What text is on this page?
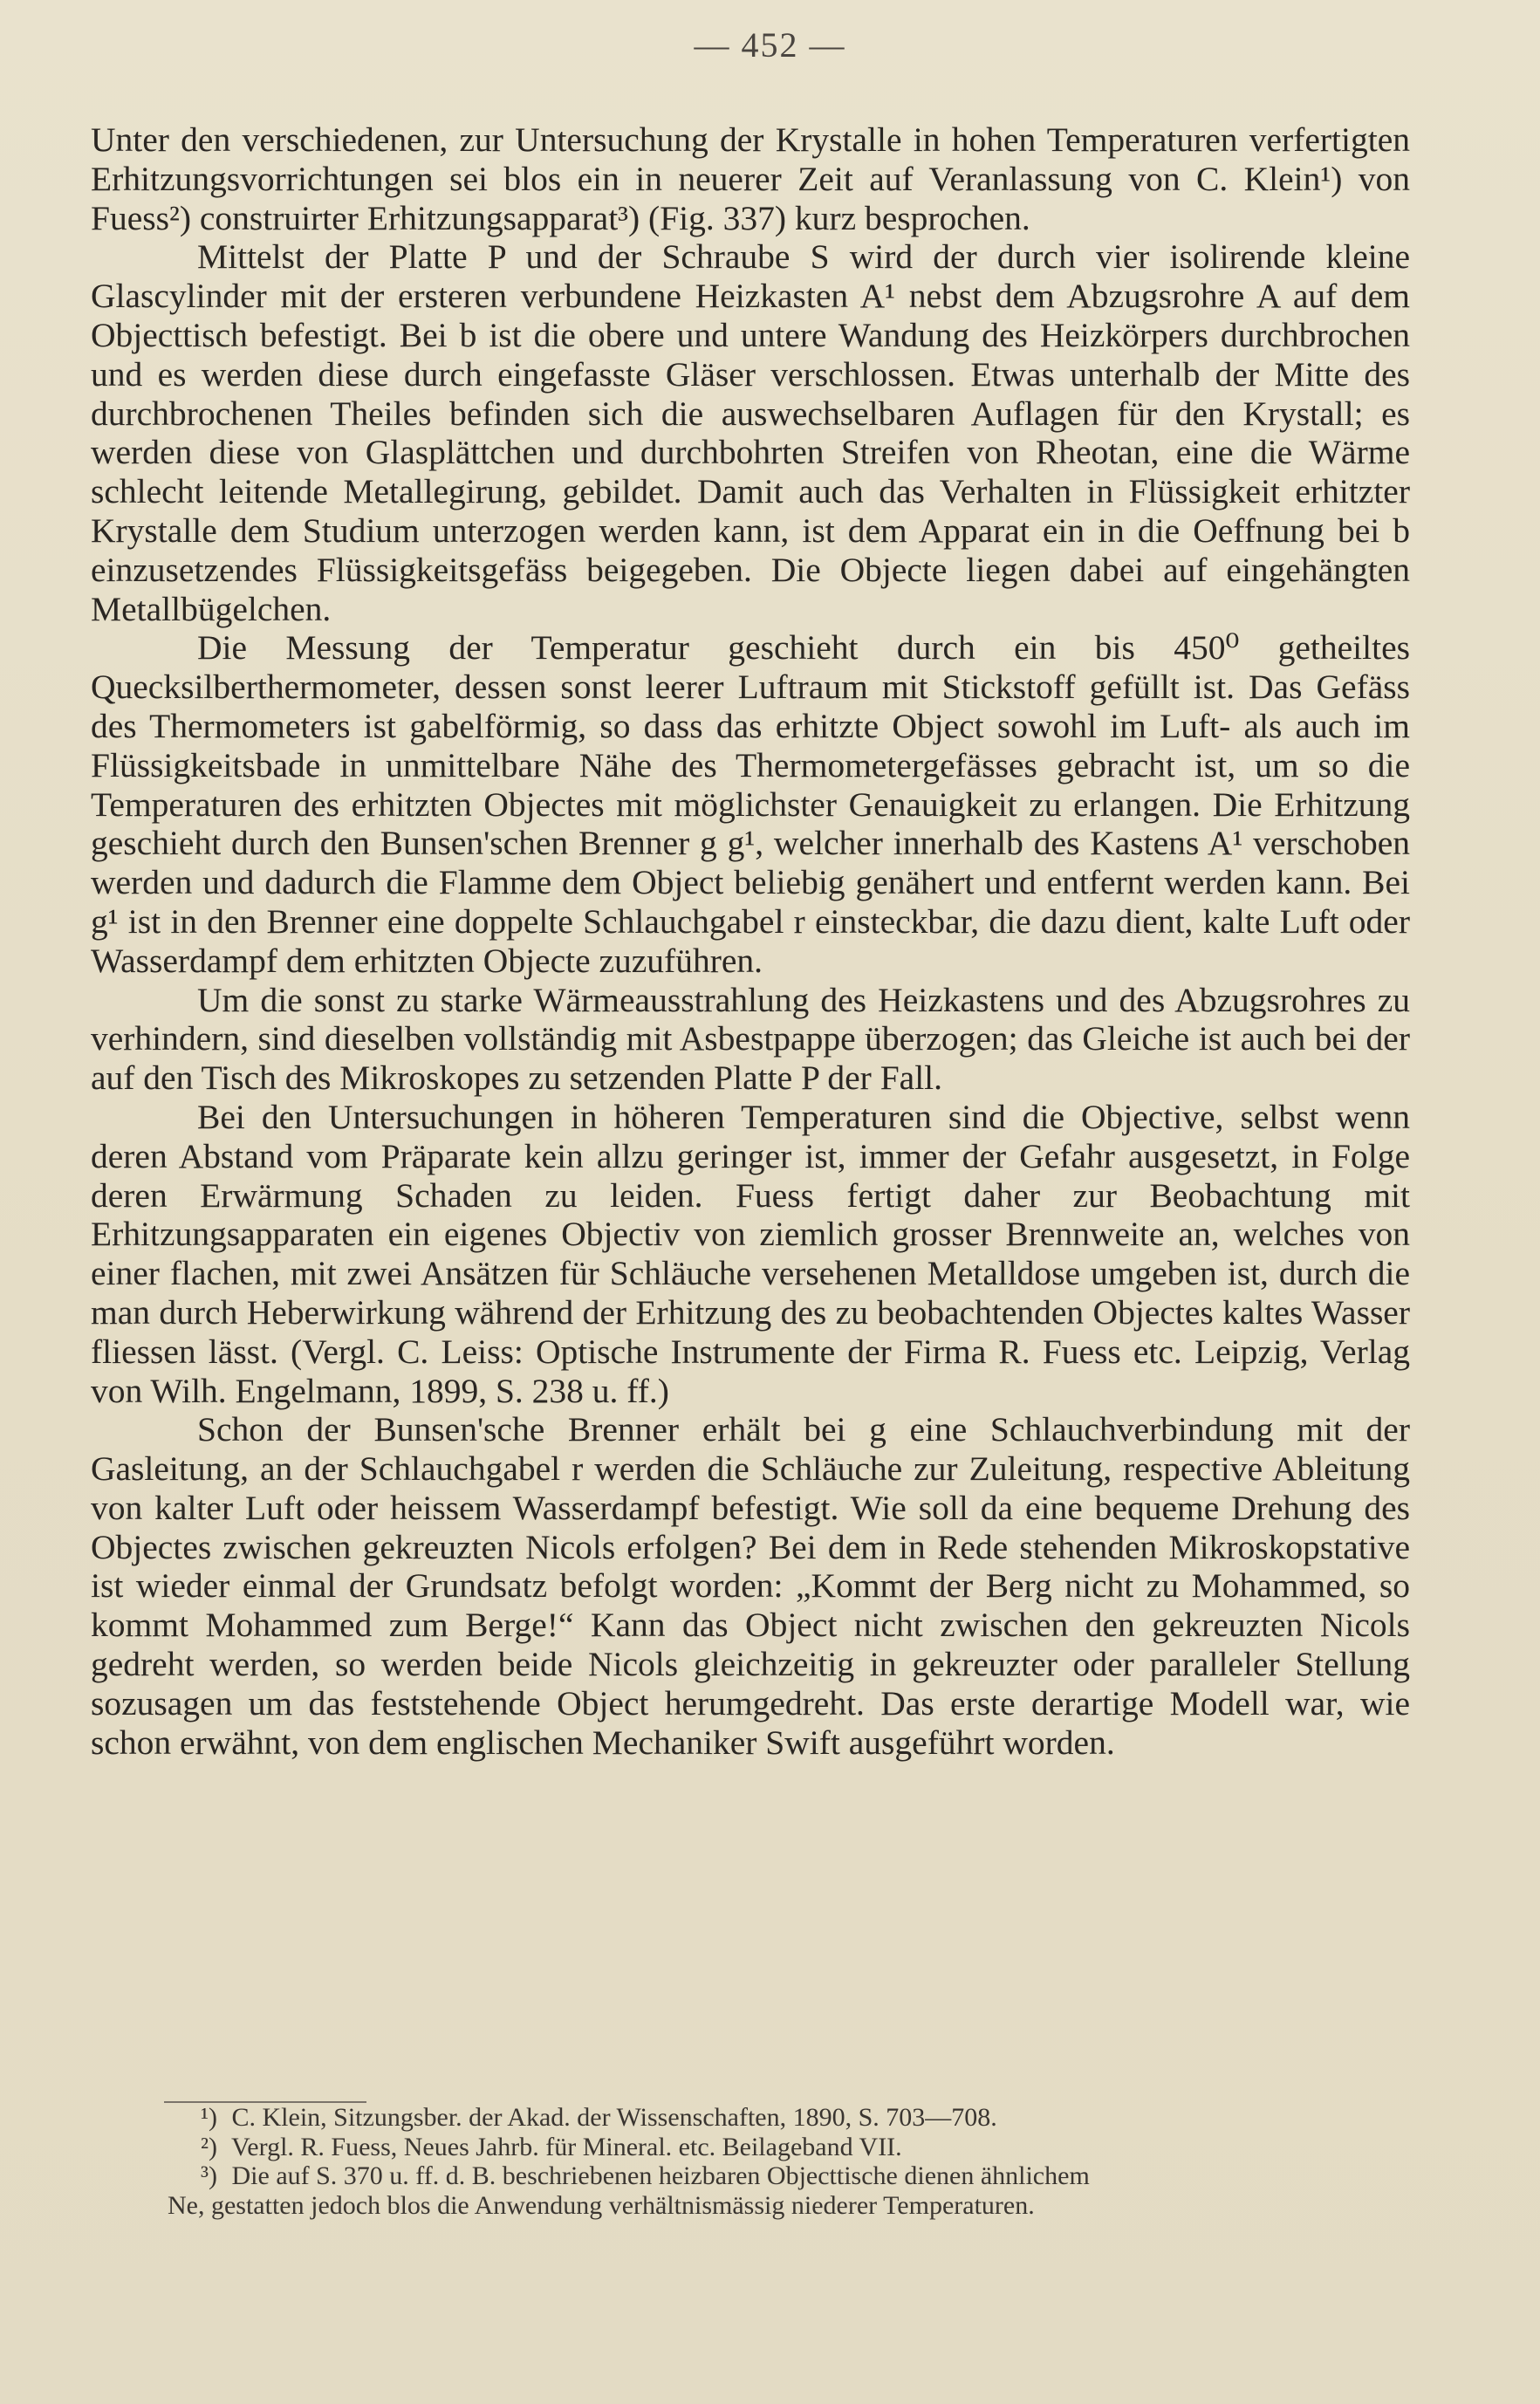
— 452 —

Unter den verschiedenen, zur Untersuchung der Krystalle in hohen Temperaturen verfertigten Erhitzungsvorrichtungen sei blos ein in neuerer Zeit auf Veranlassung von C. Klein¹) von Fuess²) construirter Erhitzungsapparat³) (Fig. 337) kurz besprochen.

Mittelst der Platte P und der Schraube S wird der durch vier isolirende kleine Glascylinder mit der ersteren verbundene Heizkasten A¹ nebst dem Abzugsrohre A auf dem Objecttisch befestigt. Bei b ist die obere und untere Wandung des Heizkörpers durchbrochen und es werden diese durch eingefasste Gläser verschlossen. Etwas unterhalb der Mitte des durchbrochenen Theiles befinden sich die auswechselbaren Auflagen für den Krystall; es werden diese von Glasplättchen und durchbohrten Streifen von Rheotan, eine die Wärme schlecht leitende Metallegirung, gebildet. Damit auch das Verhalten in Flüssigkeit erhitzter Krystalle dem Studium unterzogen werden kann, ist dem Apparat ein in die Oeffnung bei b einzusetzendes Flüssigkeitsgefäss beigegeben. Die Objecte liegen dabei auf eingehängten Metallbügelchen.

Die Messung der Temperatur geschieht durch ein bis 450⁰ getheiltes Quecksilberthermometer, dessen sonst leerer Luftraum mit Stickstoff gefüllt ist. Das Gefäss des Thermometers ist gabelförmig, so dass das erhitzte Object sowohl im Luft- als auch im Flüssigkeitsbade in unmittelbare Nähe des Thermometergefässes gebracht ist, um so die Temperaturen des erhitzten Objectes mit möglichster Genauigkeit zu erlangen. Die Erhitzung geschieht durch den Bunsen'schen Brenner g g¹, welcher innerhalb des Kastens A¹ verschoben werden und dadurch die Flamme dem Object beliebig genähert und entfernt werden kann. Bei g¹ ist in den Brenner eine doppelte Schlauchgabel r einsteckbar, die dazu dient, kalte Luft oder Wasserdampf dem erhitzten Objecte zuzuführen.

Um die sonst zu starke Wärmeausstrahlung des Heizkastens und des Abzugsrohres zu verhindern, sind dieselben vollständig mit Asbestpappe überzogen; das Gleiche ist auch bei der auf den Tisch des Mikroskopes zu setzenden Platte P der Fall.

Bei den Untersuchungen in höheren Temperaturen sind die Objective, selbst wenn deren Abstand vom Präparate kein allzu geringer ist, immer der Gefahr ausgesetzt, in Folge deren Erwärmung Schaden zu leiden. Fuess fertigt daher zur Beobachtung mit Erhitzungsapparaten ein eigenes Objectiv von ziemlich grosser Brennweite an, welches von einer flachen, mit zwei Ansätzen für Schläuche versehenen Metalldose umgeben ist, durch die man durch Heberwirkung während der Erhitzung des zu beobachtenden Objectes kaltes Wasser fliessen lässt. (Vergl. C. Leiss: Optische Instrumente der Firma R. Fuess etc. Leipzig, Verlag von Wilh. Engelmann, 1899, S. 238 u. ff.)

Schon der Bunsen'sche Brenner erhält bei g eine Schlauchverbindung mit der Gasleitung, an der Schlauchgabel r werden die Schläuche zur Zuleitung, respective Ableitung von kalter Luft oder heissem Wasserdampf befestigt. Wie soll da eine bequeme Drehung des Objectes zwischen gekreuzten Nicols erfolgen? Bei dem in Rede stehenden Mikroskopstative ist wieder einmal der Grundsatz befolgt worden: „Kommt der Berg nicht zu Mohammed, so kommt Mohammed zum Berge!“ Kann das Object nicht zwischen den gekreuzten Nicols gedreht werden, so werden beide Nicols gleichzeitig in gekreuzter oder paralleler Stellung sozusagen um das feststehende Object herumgedreht. Das erste derartige Modell war, wie schon erwähnt, von dem englischen Mechaniker Swift ausgeführt worden.

¹) C. Klein, Sitzungsber. der Akad. der Wissenschaften, 1890, S. 703—708.

²) Vergl. R. Fuess, Neues Jahrb. für Mineral. etc. Beilageband VII.

³) Die auf S. 370 u. ff. d. B. beschriebenen heizbaren Objecttische dienen ähnlichem

Ne, gestatten jedoch blos die Anwendung verhältnismässig niederer Temperaturen.
